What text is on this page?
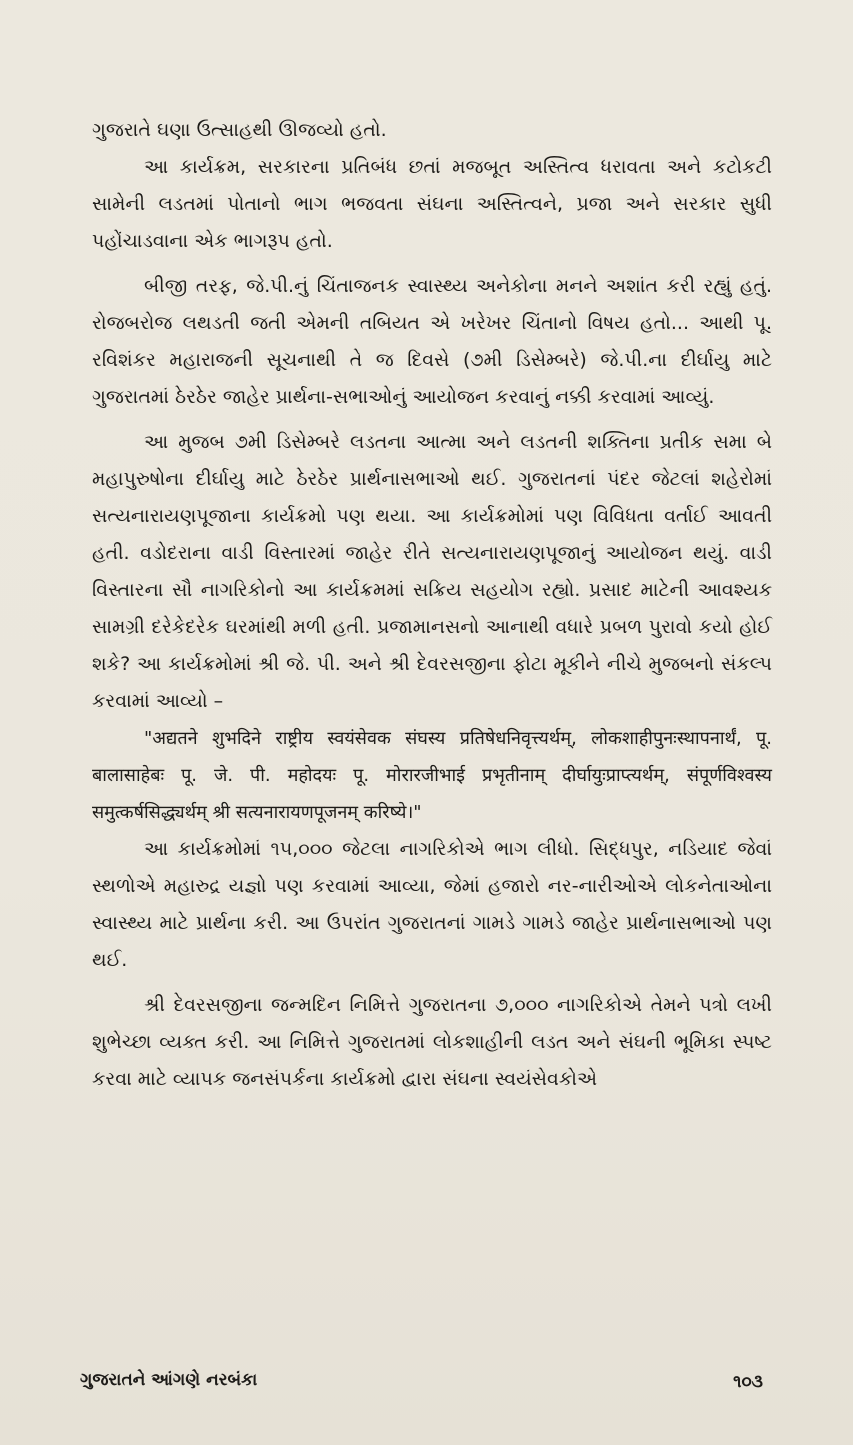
ગુજરાતે ઘણા ઉત્સાહથી ઊજવ્યો હતો.

આ કાર્યક્રમ, સરકારના પ્રતિબંધ છતાં મજબૂત અસ્તિત્વ ધરાવતા અને કટોકટી સામેની લડતમાં પોતાનો ભાગ ભજવતા સંઘના અસ્તિત્વને, પ્રજા અને સરકાર સુધી પહોંચાડવાના એક ભાગરૂપ હતો.

બીજી તરફ, જે.પી.નું ચિંતાજનક સ્વાસ્થ્ય અનેકોના મનને અશાંત કરી રહ્યું હતું. રોજબરોજ લથડતી જતી એમની તબિયત એ ખરેખર ચિંતાનો વિષય હતો... આથી પૂ. રવિશંકર મહારાજની સૂચનાથી તે જ દિવસે (૭મી ડિસેમ્બરે) જે.પી.ના દીર્ઘાયુ માટે ગુજરાતમાં ઠેરઠેર જાહેર પ્રાર્થના-સભાઓનું આયોજન કરવાનું નક્કી કરવામાં આવ્યું.

આ મુજબ ૭મી ડિસેમ્બરે લડતના આત્મા અને લડતની શક્તિના પ્રતીક સમા બે મહાપુરુષોના દીર્ઘાયુ માટે ઠેરઠેર પ્રાર્થનાસભાઓ થઈ. ગુજરાતનાં પંદર જેટલાં શહેરોમાં સત્યનારાયણપૂજાના કાર્યક્રમો પણ થયા. આ કાર્યક્રમોમાં પણ વિવિધતા વર્તાઈ આવતી હતી. વડોદરાના વાડી વિસ્તારમાં જાહેર રીતે સત્યનારાયણપૂજાનું આયોજન થયું. વાડી વિસ્તારના સૌ નાગરિકોનો આ કાર્યક્રમમાં સક્રિય સહયોગ રહ્યો. પ્રસાદ માટેની આવશ્યક સામગ્રી દરેકેદરેક ઘરમાંથી મળી હતી. પ્રજામાનસનો આનાથી વધારે પ્રબળ પુરાવો કયો હોઈ શકે? આ કાર્યક્રમોમાં શ્રી જે. પી. અને શ્રી દેવરસજીના ફોટા મૂકીને નીચે મુજબનો સંકલ્પ કરવામાં આવ્યો –

"अद्यतने शुभदिने राष्ट्रीय स्वयंसेवक संघस्य प्रतिषेधनिवृत्त्यर्थम्, लोकशाहीपुनःस्थापनार्थं, पू. बालासाहेबः पू. जे. पी. महोदयः पू. मोरारजीभाई प्रभृतीनाम् दीर्घायुःप्राप्त्यर्थम्, संपूर्णविश्वस्य समुत्कर्षसिद्ध्यर्थम् श्री सत्यनारायणपूजनम् करिष्ये।"

આ કાર્યક્રમોમાં ૧૫,૦૦૦ જેટલા નાગરિકોએ ભાગ લીધો. સિદ્ધપુર, નડિયાદ જેવાં સ્થળોએ મહારુદ્ર યજ્ઞો પણ કરવામાં આવ્યા, જેમાં હજારો નર-નારીઓએ લોકનેતાઓના સ્વાસ્થ્ય માટે પ્રાર્થના કરી. આ ઉપરાંત ગુજરાતનાં ગામડે ગામડે જાહેર પ્રાર્થનાસભાઓ પણ થઈ.

શ્રી દેવરસજીના જન્મદિન નિમિત્તે ગુજરાતના ૭,૦૦૦ નાગરિકોએ તેમને પત્રો લખી શુભેચ્છા વ્યક્ત કરી. આ નિમિત્તે ગુજરાતમાં લોકશાહીની લડત અને સંઘની ભૂમિકા સ્પષ્ટ કરવા માટે વ્યાપક જનસંપર્કના કાર્યક્રમો દ્વારા સંઘના સ્વયંસેવકોએ

ગુજરાતને આંગણે નરબંકા	૧૦૩
